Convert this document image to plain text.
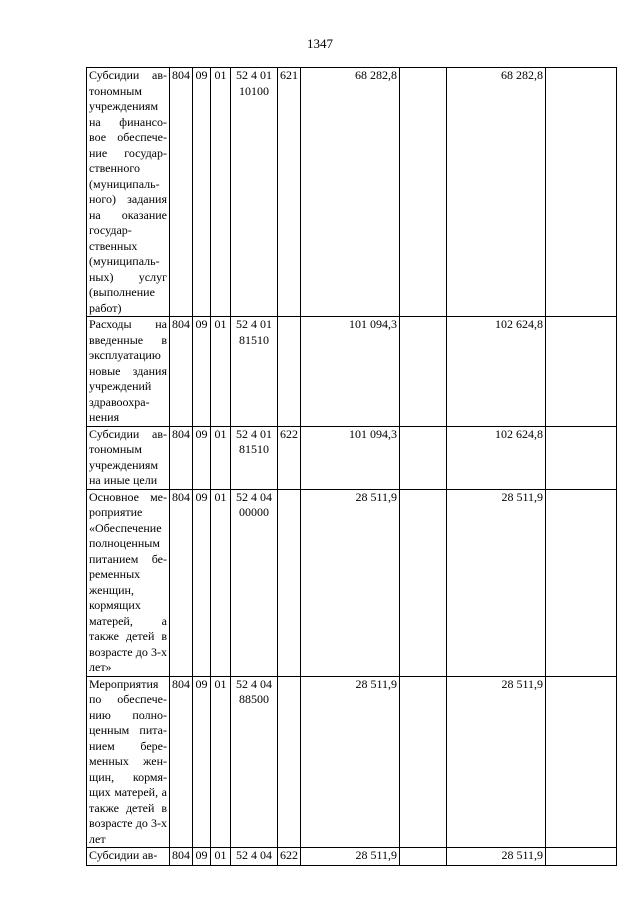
1347
Субсидии ав-тономным учреждениям на финансо-вое обеспече-ние государ-ственного (муниципаль-ного) задания на оказание государ-ственных (муниципаль-ных) услуг (выполнение работ)	804	09	01	52 4 01 10100	621	68 282,8		68 282,8	
Расходы на введенные в эксплуатацию новые здания учреждений здравоохра-нения	804	09	01	52 4 01 81510		101 094,3		102 624,8	
Субсидии ав-тономным учреждениям на иные цели	804	09	01	52 4 01 81510	622	101 094,3		102 624,8	
Основное ме-роприятие «Обеспечение полноценным питанием бе-ременных женщин, кормящих матерей, а также детей в возрасте до 3-х лет»	804	09	01	52 4 04 00000		28 511,9		28 511,9	
Мероприятия по обеспече-нию полно-ценным пита-нием бере-менных жен-щин, кормя-щих матерей, а также детей в возрасте до 3-х лет	804	09	01	52 4 04 88500		28 511,9		28 511,9	
Субсидии ав-	804	09	01	52 4 04	622	28 511,9		28 511,9	
